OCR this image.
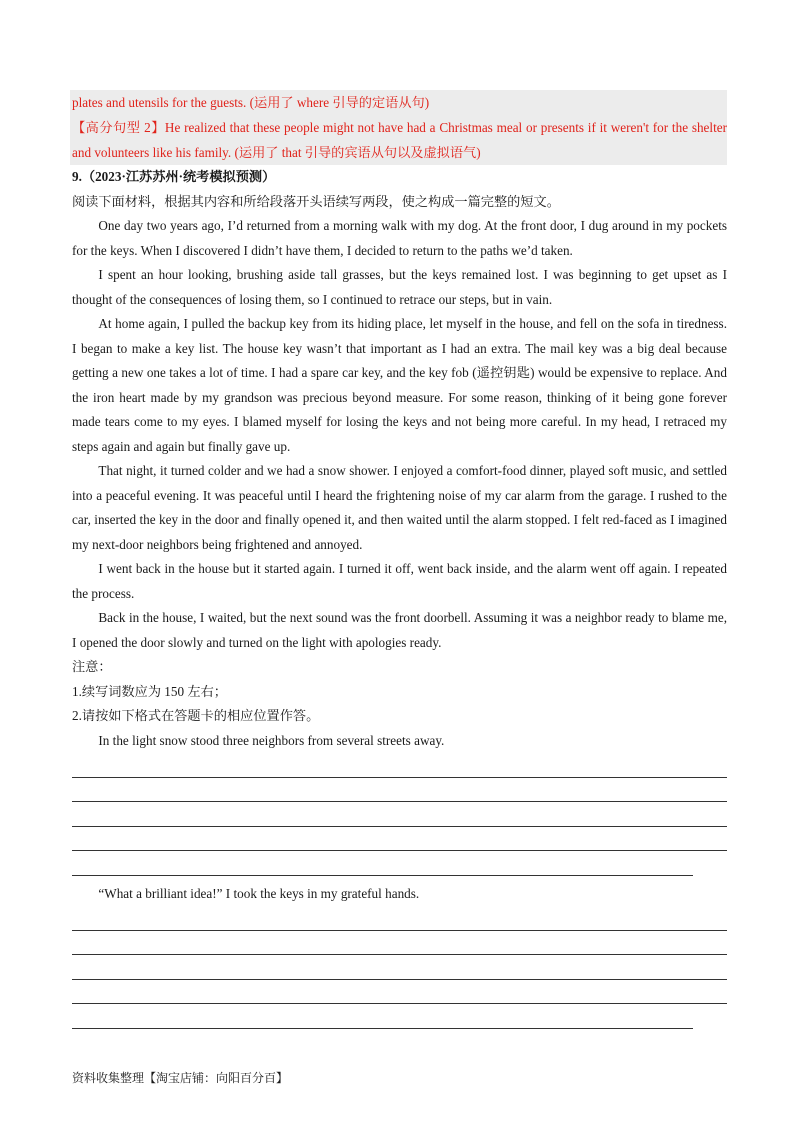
plates and utensils for the guests. (运用了 where 引导的定语从句)

【高分句型 2】He realized that these people might not have had a Christmas meal or presents if it weren't for the shelter and volunteers like his family. (运用了 that 引导的宾语从句以及虚拟语气)

9.（2023·江苏苏州·统考模拟预测）

阅读下面材料，根据其内容和所给段落开头语续写两段，使之构成一篇完整的短文。

One day two years ago, I’d returned from a morning walk with my dog. At the front door, I dug around in my pockets for the keys. When I discovered I didn’t have them, I decided to return to the paths we’d taken.

I spent an hour looking, brushing aside tall grasses, but the keys remained lost. I was beginning to get upset as I thought of the consequences of losing them, so I continued to retrace our steps, but in vain.

At home again, I pulled the backup key from its hiding place, let myself in the house, and fell on the sofa in tiredness. I began to make a key list. The house key wasn’t that important as I had an extra. The mail key was a big deal because getting a new one takes a lot of time. I had a spare car key, and the key fob (遥控钥匙) would be expensive to replace. And the iron heart made by my grandson was precious beyond measure. For some reason, thinking of it being gone forever made tears come to my eyes. I blamed myself for losing the keys and not being more careful. In my head, I retraced my steps again and again but finally gave up.

That night, it turned colder and we had a snow shower. I enjoyed a comfort-food dinner, played soft music, and settled into a peaceful evening. It was peaceful until I heard the frightening noise of my car alarm from the garage. I rushed to the car, inserted the key in the door and finally opened it, and then waited until the alarm stopped. I felt red-faced as I imagined my next-door neighbors being frightened and annoyed.

I went back in the house but it started again. I turned it off, went back inside, and the alarm went off again. I repeated the process.

Back in the house, I waited, but the next sound was the front doorbell. Assuming it was a neighbor ready to blame me, I opened the door slowly and turned on the light with apologies ready.

注意：

1.续写词数应为 150 左右；

2.请按如下格式在答题卡的相应位置作答。

In the light snow stood three neighbors from several streets away.

“What a brilliant idea!” I took the keys in my grateful hands.

资料收集整理【淘宝店铺：向阳百分百】
